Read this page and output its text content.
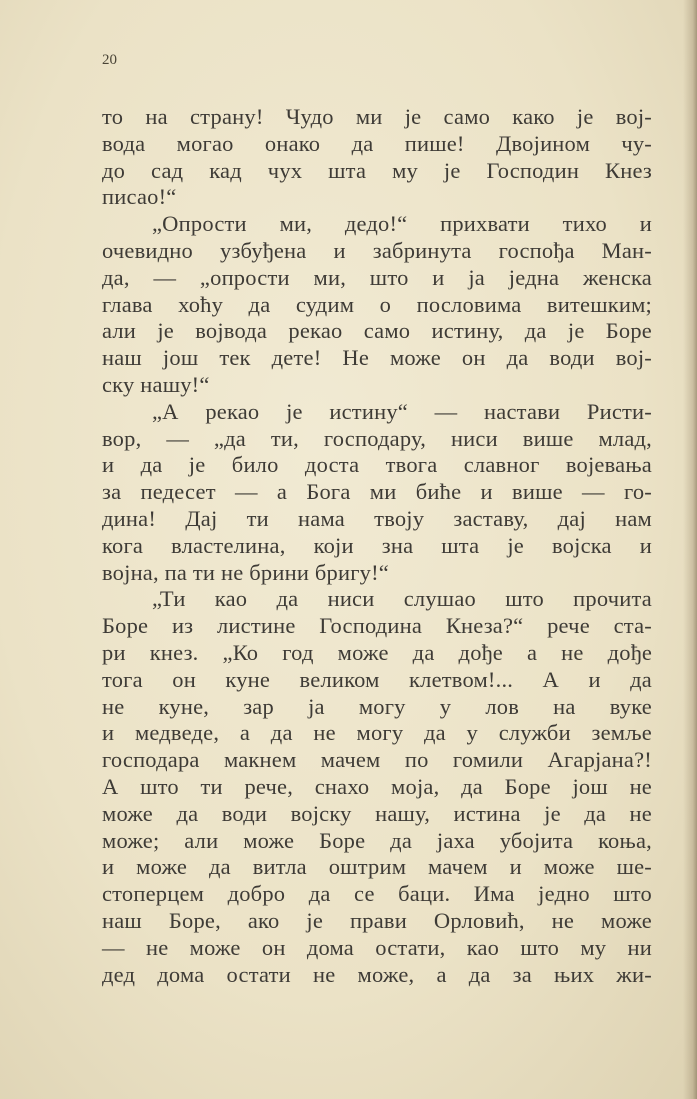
20
то на страну! Чудо ми је само како је вој-
вода могао онако да пише! Двојином чу-
до сад кад чух шта му је Господин Кнез
писао!“
„Опрости ми, дедо!“ прихвати тихо и
очевидно узбуђена и забринута госпођа Ман-
да, — „опрости ми, што и ја једна женска
глава хоћу да судим о пословима витешким;
али је војвода рекао само истину, да је Боре
наш још тек дете! Не може он да води вој-
ску нашу!“
„А рекао је истину“ — настави Ристи-
вор, — „да ти, господару, ниси више млад,
и да је било доста твога славног војевања
за педесет — а Бога ми биће и више — го-
дина! Дај ти нама твоју заставу, дај нам
кога властелина, који зна шта је војска и
војна, па ти не брини бригу!“
„Ти као да ниси слушао што прочита
Боре из листине Господина Кнеза?“ рече ста-
ри кнез. „Ко год може да дође а не дође
тога он куне великом клетвом!... А и да
не куне, зар ја могу у лов на вуке
и медведе, а да не могу да у служби земље
господара макнем мачем по гомили Агарјана?!
А што ти рече, снахо моја, да Боре још не
може да води војску нашу, истина је да не
може; али може Боре да јаха убојита коња,
и може да витла оштрим мачем и може ше-
стоперцем добро да се баци. Има једно што
наш Боре, ако је прави Орловић, не може
— не може он дома остати, као што му ни
дед дома остати не може, а да за њих жи-
